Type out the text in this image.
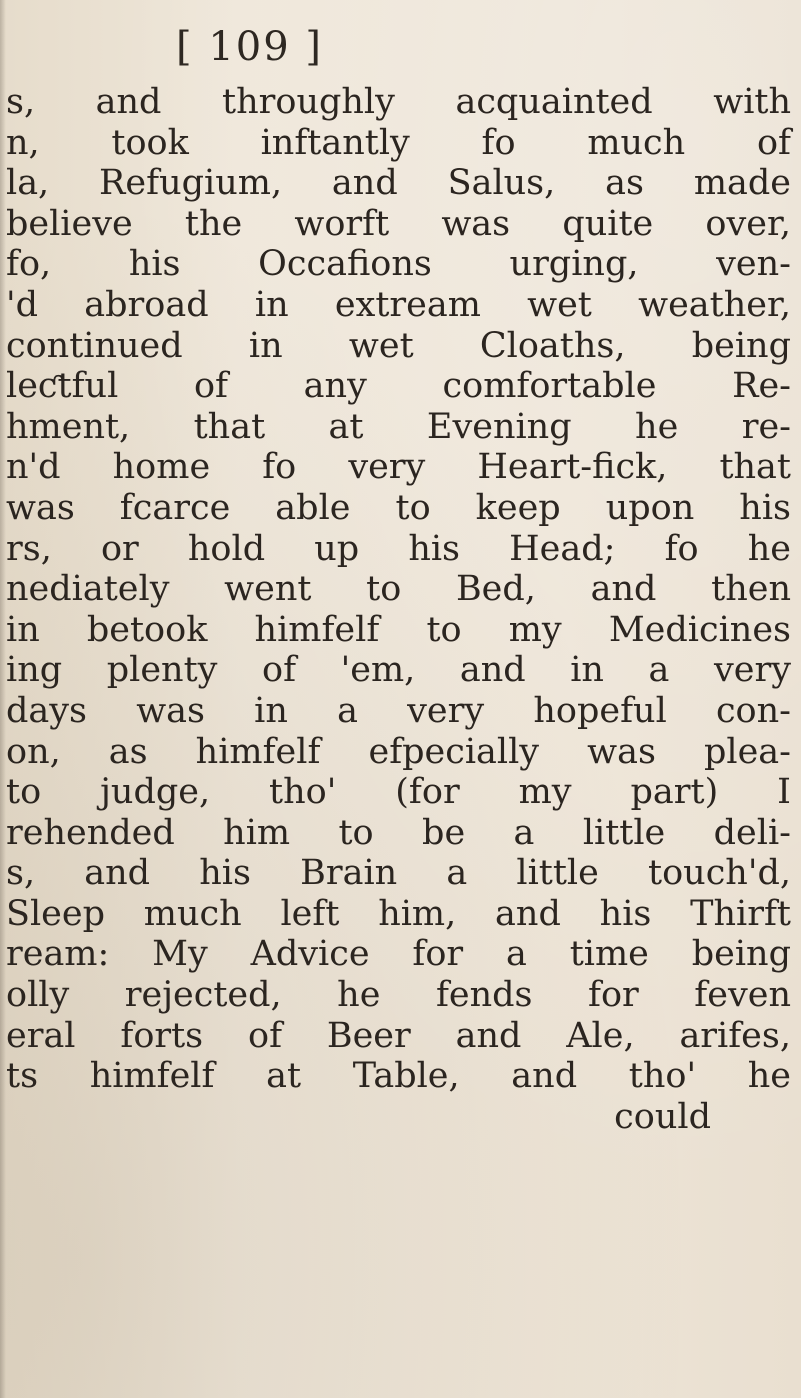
[ 109 ]
s, and throughly acquainted with
n, took inftantly fo much of
la, Refugium, and Salus, as made
believe the worft was quite over,
fo, his Occafions urging, ven-
'd abroad in extream wet weather,
continued in wet Cloaths, being
leƈtful of any comfortable Re-
hment, that at Evening he re-
n'd home fo very Heart-fick, that
was fcarce able to keep upon his
rs, or hold up his Head; fo he
nediately went to Bed, and then
in betook himfelf to my Medicines
ing plenty of 'em, and in a very
days was in a very hopeful con-
on, as himfelf efpecially was plea-
to judge, tho' (for my part) I
rehended him to be a little deli-
s, and his Brain a little touch'd,
Sleep much left him, and his Thirft
ream: My Advice for a time being
olly rejected, he fends for feven
eral forts of Beer and Ale, arifes,
ts himfelf at Table, and tho' he
could
